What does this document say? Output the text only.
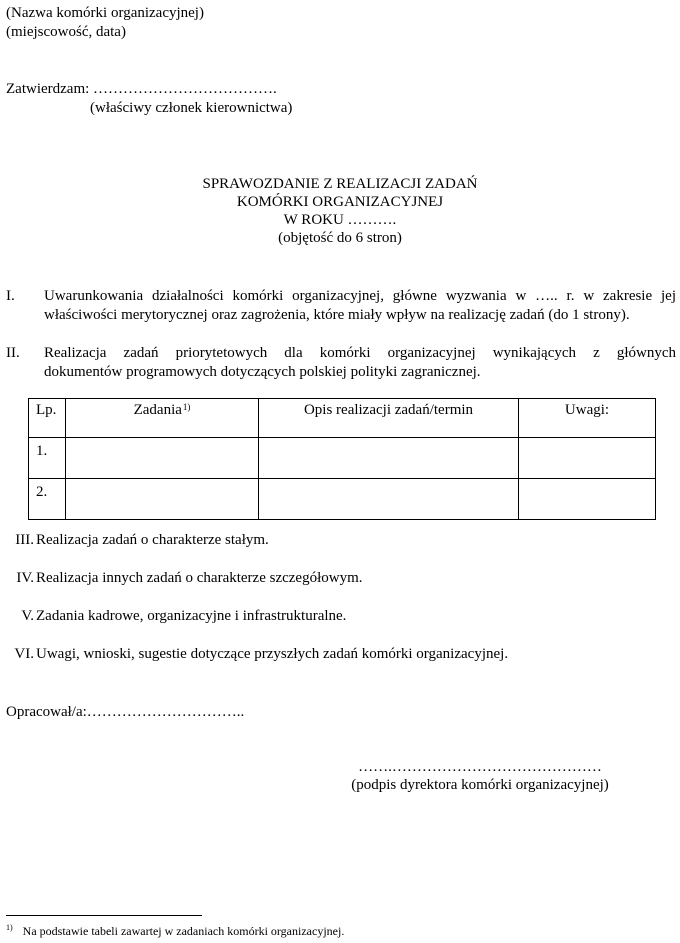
(Nazwa komórki organizacyjnej)
(miejscowość, data)
Zatwierdzam: ……………………………….
(właściwy członek kierownictwa)
SPRAWOZDANIE Z REALIZACJI ZADAŃ
KOMÓRKI ORGANIZACYJNEJ
W ROKU ……….
(objętość do 6 stron)
I. Uwarunkowania działalności komórki organizacyjnej, główne wyzwania w ….. r. w zakresie jej
właściwości merytorycznej oraz zagrożenia, które miały wpływ na realizację zadań (do 1 strony).
II. Realizacja zadań priorytetowych dla komórki organizacyjnej wynikających z głównych
dokumentów programowych dotyczących polskiej polityki zagranicznej.
Lp.	Zadania$^{1)}$	Opis realizacji zadań/termin	Uwagi:
1.			
2.			
III. Realizacja zadań o charakterze stałym.
IV. Realizacja innych zadań o charakterze szczegółowym.
V. Zadania kadrowe, organizacyjne i infrastrukturalne.
VI. Uwagi, wnioski, sugestie dotyczące przyszłych zadań komórki organizacyjnej.
Opracował/a:…………………………..
…….……………………………………
(podpis dyrektora komórki organizacyjnej)
$^{1)}$ Na podstawie tabeli zawartej w zadaniach komórki organizacyjnej.
